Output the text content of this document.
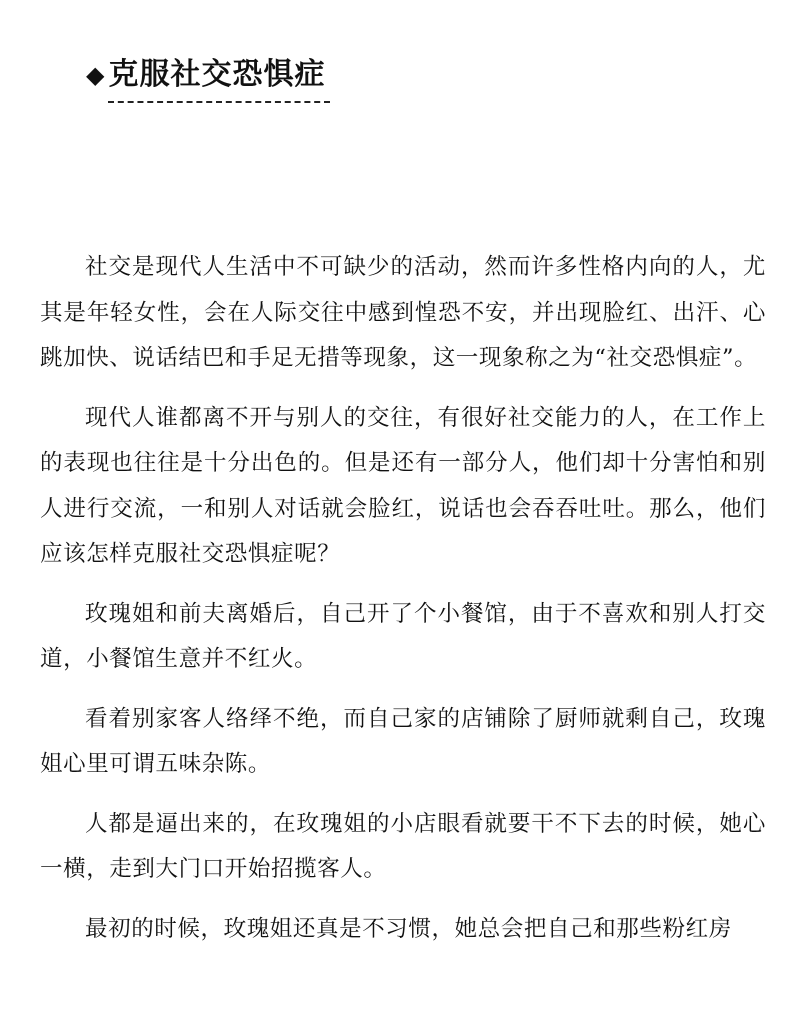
◆ 克服社交恐惧症

社交是现代人生活中不可缺少的活动，然而许多性格内向的人，尤其是年轻女性，会在人际交往中感到惶恐不安，并出现脸红、出汗、心跳加快、说话结巴和手足无措等现象，这一现象称之为“社交恐惧症”。

现代人谁都离不开与别人的交往，有很好社交能力的人，在工作上的表现也往往是十分出色的。但是还有一部分人，他们却十分害怕和别人进行交流，一和别人对话就会脸红，说话也会吞吞吐吐。那么，他们应该怎样克服社交恐惧症呢？

玫瑰姐和前夫离婚后，自己开了个小餐馆，由于不喜欢和别人打交道，小餐馆生意并不红火。

看着别家客人络绎不绝，而自己家的店铺除了厨师就剩自己，玫瑰姐心里可谓五味杂陈。

人都是逼出来的，在玫瑰姐的小店眼看就要干不下去的时候，她心一横，走到大门口开始招揽客人。

最初的时候，玫瑰姐还真是不习惯，她总会把自己和那些粉红房
